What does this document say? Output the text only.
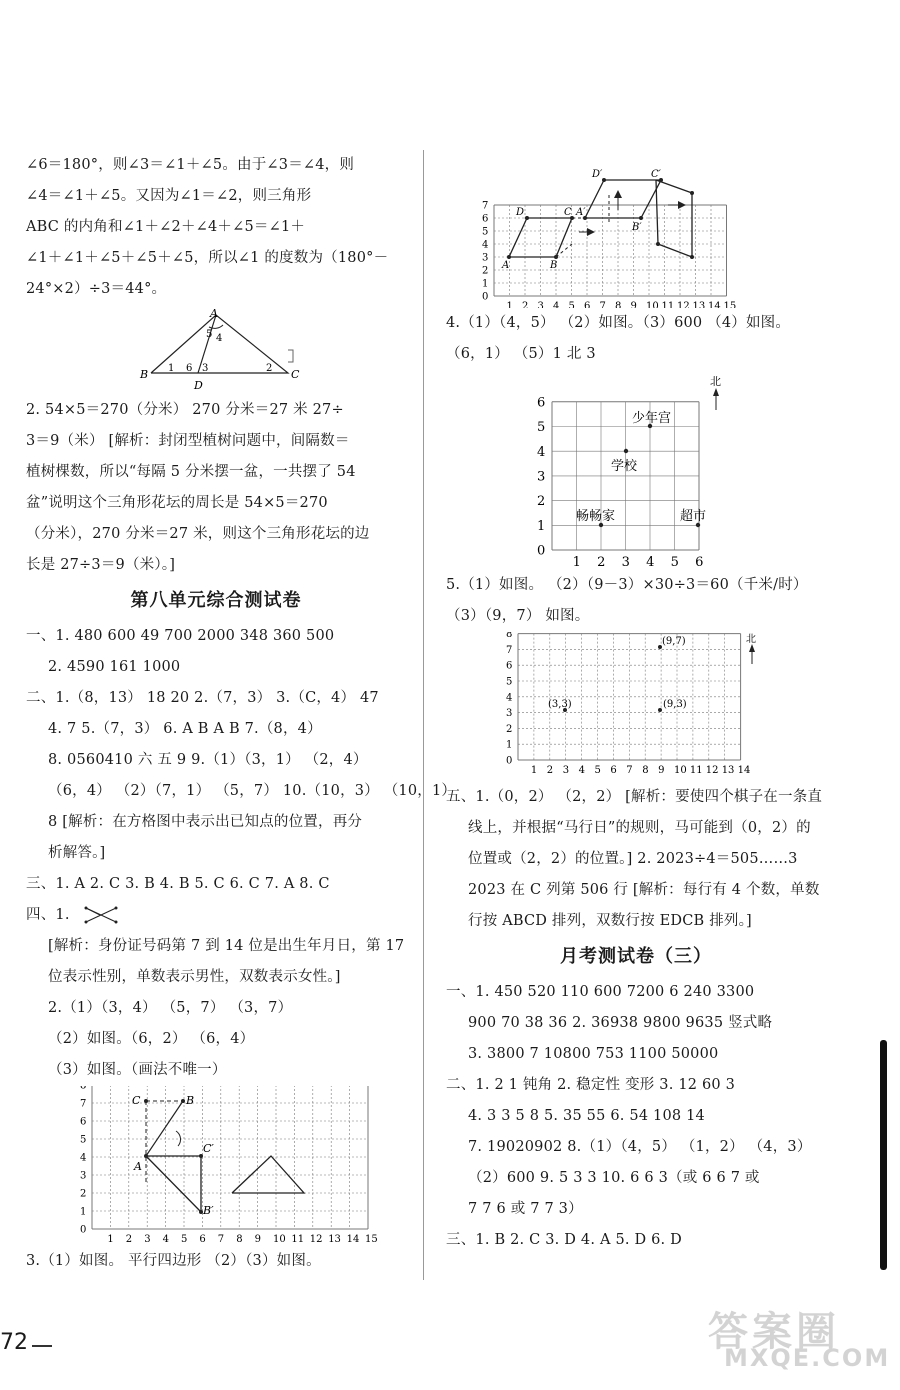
∠6＝180°，则∠3＝∠1＋∠5。由于∠3＝∠4，则
∠4＝∠1＋∠5。又因为∠1＝∠2，则三角形
ABC 的内角和∠1＋∠2＋∠4＋∠5＝∠1＋
∠1＋∠1＋∠5＋∠5＋∠5，所以∠1 的度数为（180°－
24°×2）÷3＝44°。
A
B	C
D
1	2
3
4
5
6
2. 54×5＝270（分米） 270 分米＝27 米 27÷
3＝9（米） [解析：封闭型植树问题中，间隔数＝
植树棵数，所以“每隔 5 分米摆一盆，一共摆了 54
盆”说明这个三角形花坛的周长是 54×5＝270
（分米），270 分米＝27 米，则这个三角形花坛的边
长是 27÷3＝9（米）。]
第八单元综合测试卷
一、1. 480 600 49 700 2000 348 360 500
2. 4590 161 1000
二、1.（8，13） 18 20 2.（7，3） 3.（C，4） 47
4. 7 5.（7，3） 6. A B A B 7.（8，4）
8. 0560410 六 五 9 9.（1）（3，1） （2，4）
（6，4） （2）（7，1） （5，7） 10.（10，3） （10，1）
8 [解析：在方格图中表示出已知点的位置，再分
析解答。]
三、1. A 2. C 3. B 4. B 5. C 6. C 7. A 8. C
四、1.
[解析：身份证号码第 7 到 14 位是出生年月日，第 17
位表示性别，单数表示男性，双数表示女性。]
2.（1）（3，4） （5，7） （3，7）
（2）如图。（6，2） （6，4）
（3）如图。（画法不唯一）
1 2 3 4 5 6 7 8 9 10 11 12 13 14 15
0
1
2
3
4
5
6
7
8
C	B
A
C′
B′
3.（1）如图。 平行四边形 （2）（3）如图。
1 2 3 4 5 6 7 8 9 10 11 12 13 14 15
0
1
2
3
4
5
6
7
A	B
C
D	A′
B′
C′
D′
4.（1）（4，5） （2）如图。（3）600 （4）如图。
（6，1） （5）1 北 3
1 2 3 4 5 6
0
1
2
3
4
5
6
北
少年宫
学校
畅畅家	超市
5.（1）如图。 （2）（9－3）×30÷3＝60（千米/时）
（3）（9，7） 如图。
1 2 3 4 5 6 7 8 9 10 11 12 13 14
0
1
2
3
4
5
6
7
8	北
(9,7)
(3,3)	(9,3)
五、1.（0，2） （2，2） [解析：要使四个棋子在一条直
线上，并根据“马行日”的规则，马可能到（0，2）的
位置或（2，2）的位置。] 2. 2023÷4＝505……3
2023 在 C 列第 506 行 [解析：每行有 4 个数，单数
行按 ABCD 排列，双数行按 EDCB 排列。]
月考测试卷（三）
一、1. 450 520 110 600 7200 6 240 3300
900 70 38 36 2. 36938 9800 9635 竖式略
3. 3800 7 10800 753 1100 50000
二、1. 2 1 钝角 2. 稳定性 变形 3. 12 60 3
4. 3 3 5 8 5. 35 55 6. 54 108 14
7. 19020902 8.（1）（4，5） （1，2） （4，3）
（2）600 9. 5 3 3 10. 6 6 3（或 6 6 7 或
7 7 6 或 7 7 3）
三、1. B 2. C 3. D 4. A 5. D 6. D
72	答案圈
MXQE.COM
